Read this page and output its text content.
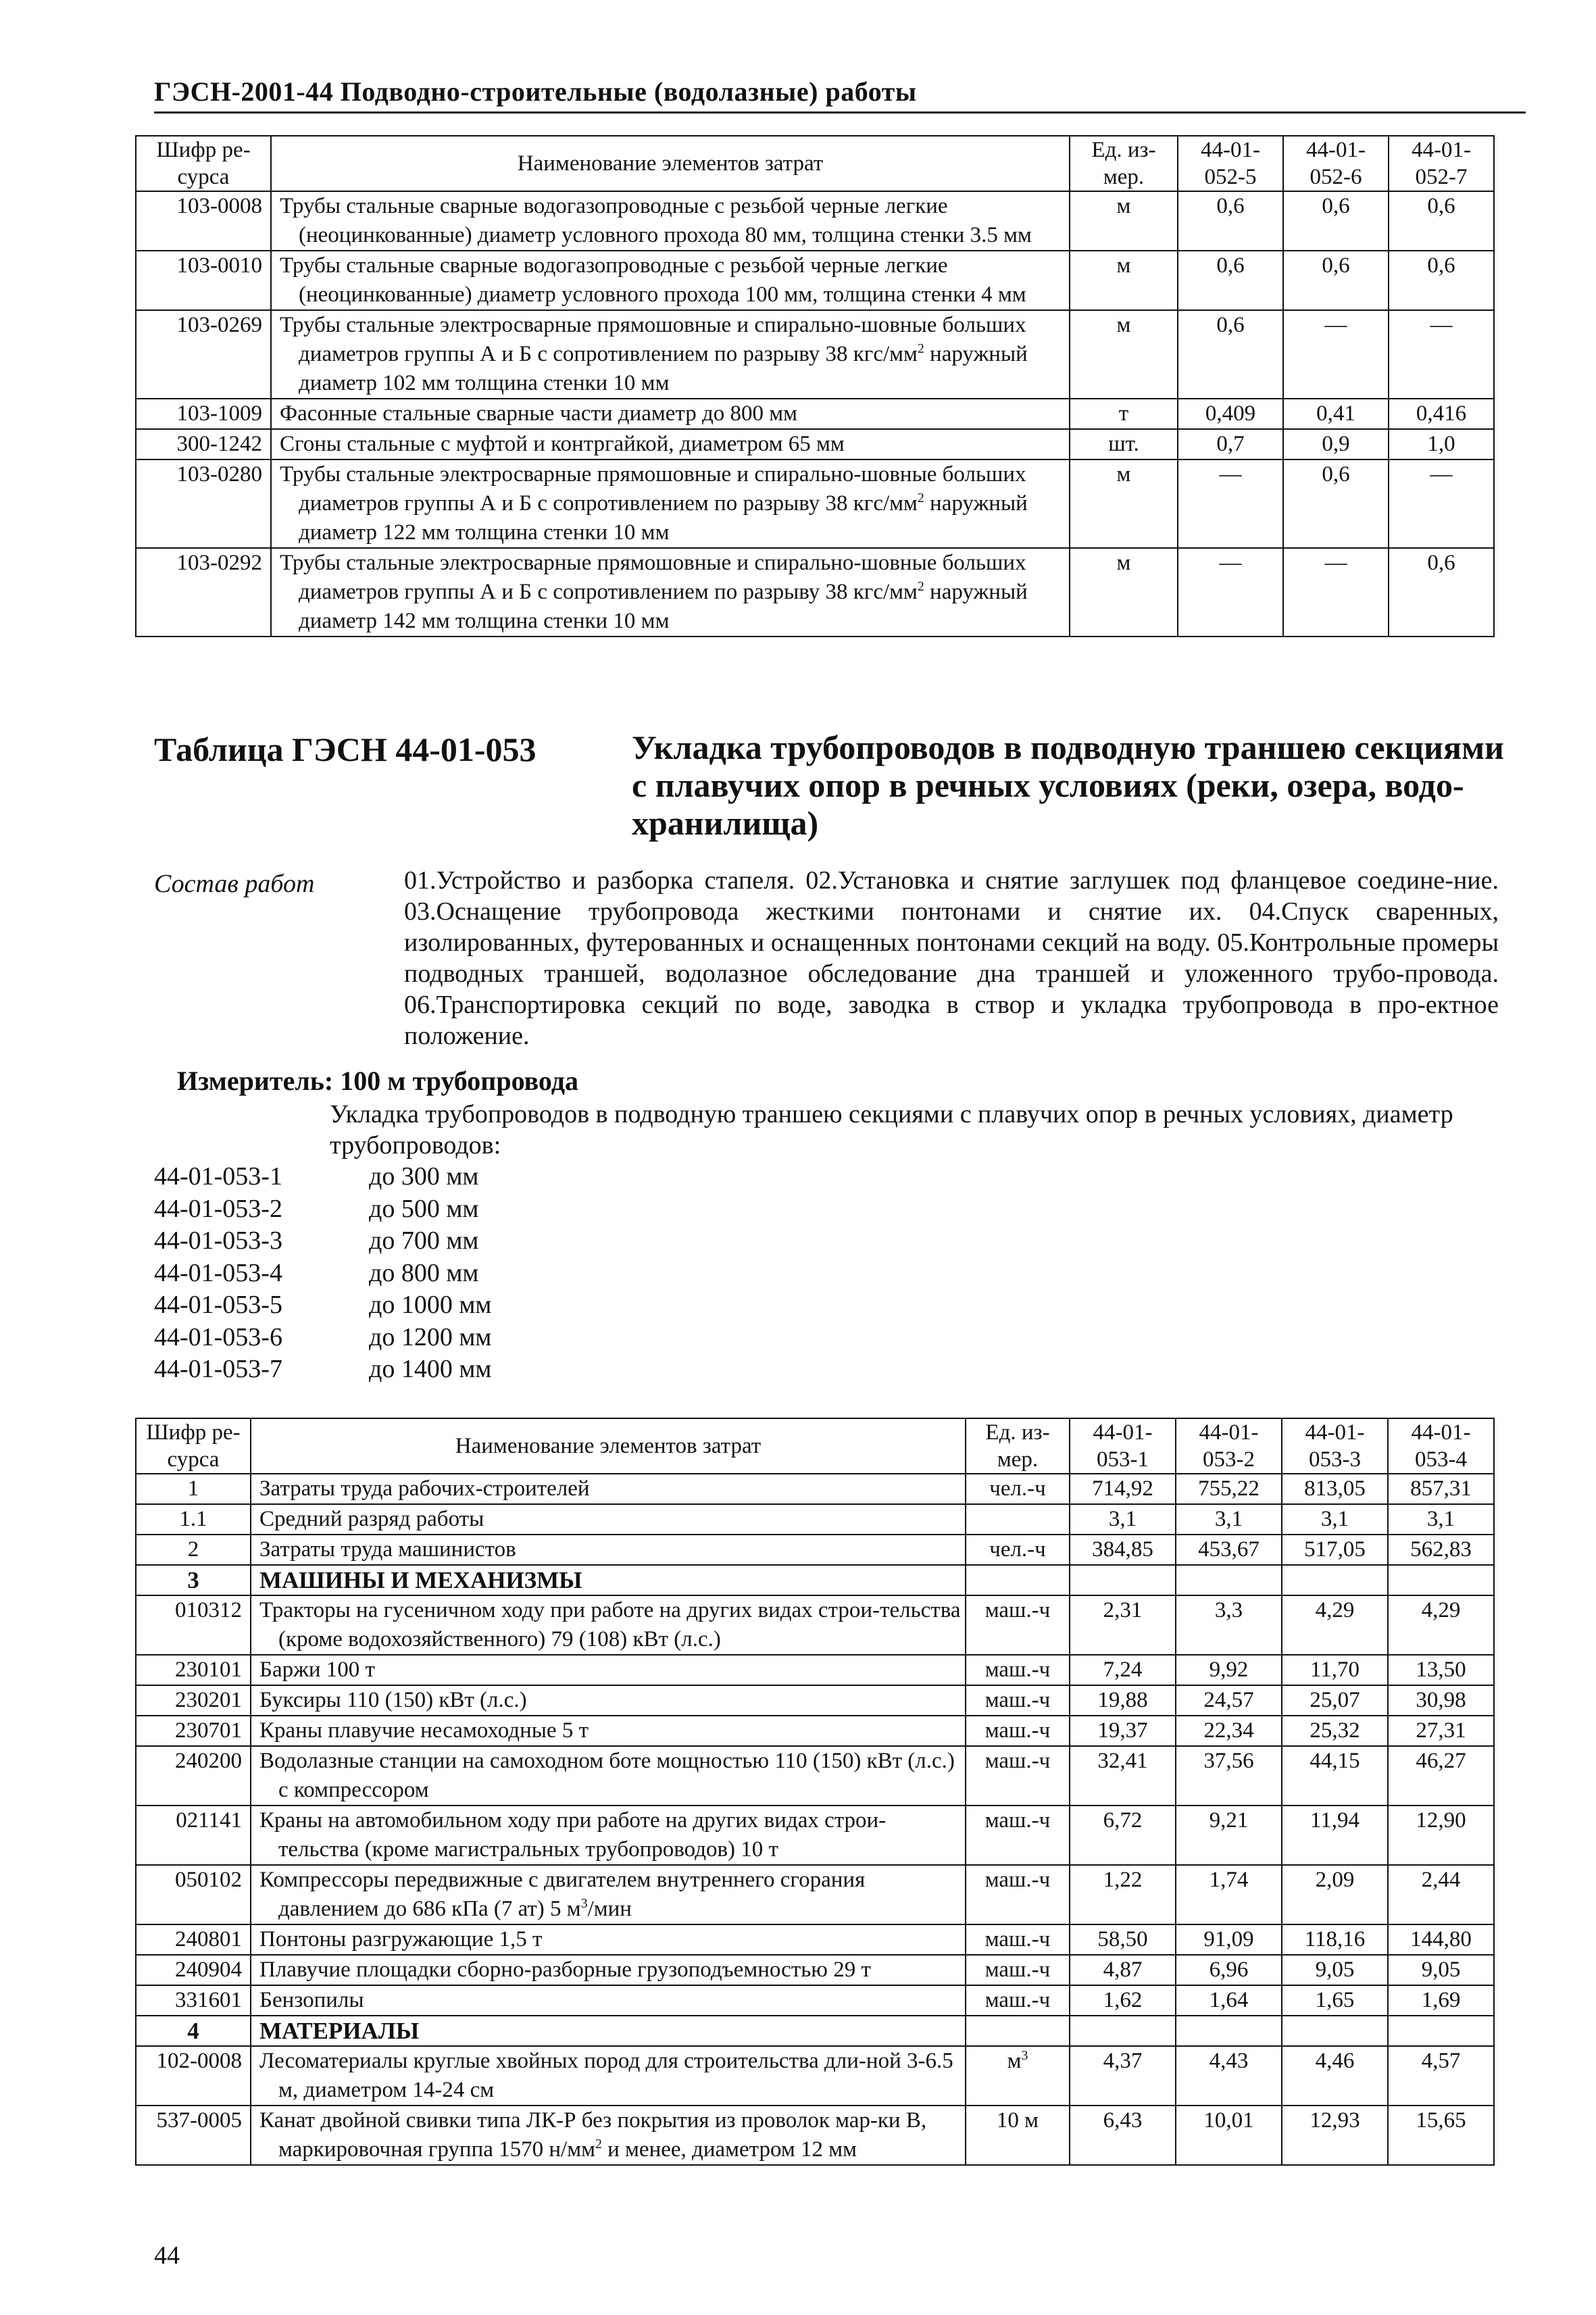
ГЭСН-2001-44 Подводно-строительные (водолазные) работы
Шифр ре-сурса	Наименование элементов затрат	Ед. из-мер.	44-01-052-5	44-01-052-6	44-01-052-7
103-0008	Трубы стальные сварные водогазопроводные с резьбой черные легкие (неоцинкованные) диаметр условного прохода 80 мм, толщина стенки 3.5 мм	м	0,6	0,6	0,6
103-0010	Трубы стальные сварные водогазопроводные с резьбой черные легкие (неоцинкованные) диаметр условного прохода 100 мм, толщина стенки 4 мм	м	0,6	0,6	0,6
103-0269	Трубы стальные электросварные прямошовные и спирально-шовные больших диаметров группы А и Б с сопротивлением по разрыву 38 кгс/$мм^2$ наружный диаметр 102 мм толщина стенки 10 мм	м	0,6	—	—
103-1009	Фасонные стальные сварные части диаметр до 800 мм	т	0,409	0,41	0,416
300-1242	Сгоны стальные с муфтой и контргайкой, диаметром 65 мм	шт.	0,7	0,9	1,0
103-0280	Трубы стальные электросварные прямошовные и спирально-шовные больших диаметров группы А и Б с сопротивлением по разрыву 38 кгс/$мм^2$ наружный диаметр 122 мм толщина стенки 10 мм	м	—	0,6	—
103-0292	Трубы стальные электросварные прямошовные и спирально-шовные больших диаметров группы А и Б с сопротивлением по разрыву 38 кгс/$мм^2$ наружный диаметр 142 мм толщина стенки 10 мм	м	—	—	0,6
Таблица ГЭСН 44-01-053	Укладка трубопроводов в подводную траншею секциями с плавучих опор в речных условиях (реки, озера, водо-хранилища)
Состав работ	01.Устройство и разборка стапеля. 02.Установка и снятие заглушек под фланцевое соедине-ние. 03.Оснащение трубопровода жесткими понтонами и снятие их. 04.Спуск сваренных, изолированных, футерованных и оснащенных понтонами секций на воду. 05.Контрольные промеры подводных траншей, водолазное обследование дна траншей и уложенного трубо-провода. 06.Транспортировка секций по воде, заводка в створ и укладка трубопровода в про-ектное положение.
Измеритель: 100 м трубопровода
Укладка трубопроводов в подводную траншею секциями с плавучих опор в речных условиях, диаметр трубопроводов:
44-01-053-1	до 300 мм
44-01-053-2	до 500 мм
44-01-053-3	до 700 мм
44-01-053-4	до 800 мм
44-01-053-5	до 1000 мм
44-01-053-6	до 1200 мм
44-01-053-7	до 1400 мм
Шифр ре-сурса	Наименование элементов затрат	Ед. из-мер.	44-01-053-1	44-01-053-2	44-01-053-3	44-01-053-4
1	Затраты труда рабочих-строителей	чел.-ч	714,92	755,22	813,05	857,31
1.1	Средний разряд работы		3,1	3,1	3,1	3,1
2	Затраты труда машинистов	чел.-ч	384,85	453,67	517,05	562,83
3	МАШИНЫ И МЕХАНИЗМЫ					
010312	Тракторы на гусеничном ходу при работе на других видах строи-тельства (кроме водохозяйственного) 79 (108) кВт (л.с.)	маш.-ч	2,31	3,3	4,29	4,29
230101	Баржи 100 т	маш.-ч	7,24	9,92	11,70	13,50
230201	Буксиры 110 (150) кВт (л.с.)	маш.-ч	19,88	24,57	25,07	30,98
230701	Краны плавучие несамоходные 5 т	маш.-ч	19,37	22,34	25,32	27,31
240200	Водолазные станции на самоходном боте мощностью 110 (150) кВт (л.с.) с компрессором	маш.-ч	32,41	37,56	44,15	46,27
021141	Краны на автомобильном ходу при работе на других видах строи-тельства (кроме магистральных трубопроводов) 10 т	маш.-ч	6,72	9,21	11,94	12,90
050102	Компрессоры передвижные с двигателем внутреннего сгорания давлением до 686 кПа (7 ат) 5 $м^3$/мин	маш.-ч	1,22	1,74	2,09	2,44
240801	Понтоны разгружающие 1,5 т	маш.-ч	58,50	91,09	118,16	144,80
240904	Плавучие площадки сборно-разборные грузоподъемностью 29 т	маш.-ч	4,87	6,96	9,05	9,05
331601	Бензопилы	маш.-ч	1,62	1,64	1,65	1,69
4	МАТЕРИАЛЫ					
102-0008	Лесоматериалы круглые хвойных пород для строительства дли-ной 3-6.5 м, диаметром 14-24 см	$м^3$	4,37	4,43	4,46	4,57
537-0005	Канат двойной свивки типа ЛК-Р без покрытия из проволок мар-ки В, маркировочная группа 1570 $н/мм^2$ и менее, диаметром 12 мм	10 м	6,43	10,01	12,93	15,65
44
